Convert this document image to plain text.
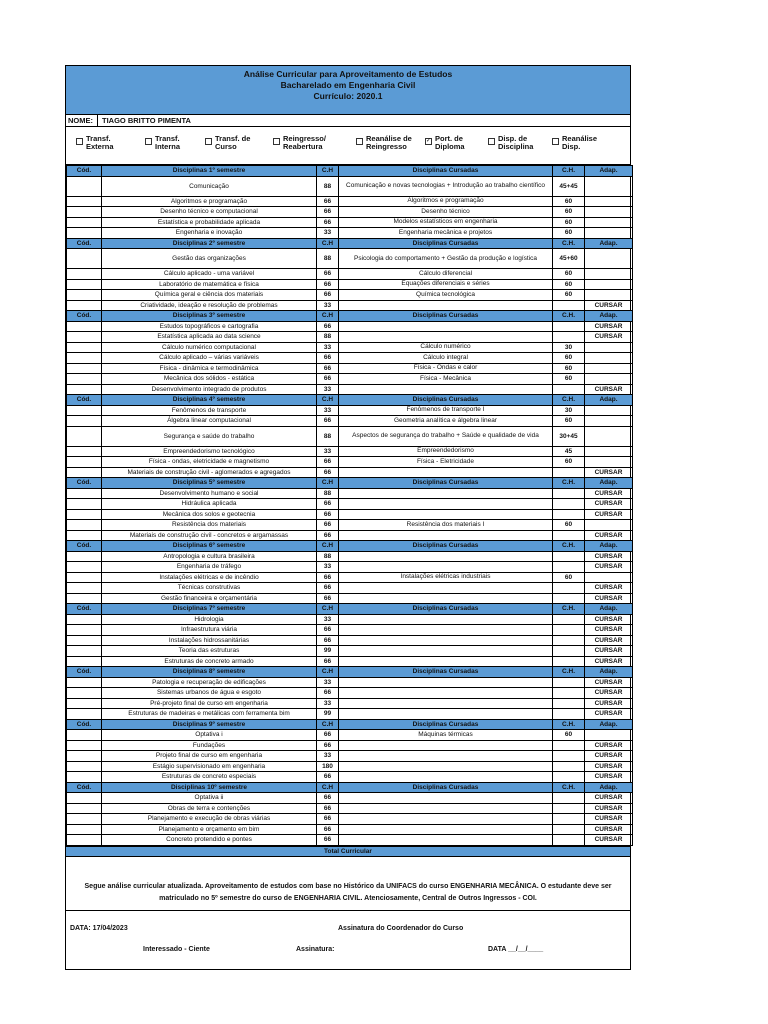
Análise Curricular para Aproveitamento de Estudos
Bacharelado em Engenharia Civil
Currículo: 2020.1
NOME:	TIAGO BRITTO PIMENTA
Transf.
Externa
Transf.
Interna
Transf. de
Curso
Reingresso/
Reabertura
Reanálise de
Reingresso
✓ Port. de
Diploma
Disp. de
Disciplina
Reanálise
Disp.
Cód.	Disciplinas 1º semestre	C.H	Disciplinas Cursadas	C.H.	Adap.
	Comunicação	88	Comunicação e novas tecnologias + Introdução ao trabalho científico	45+45	
	Algoritmos e programação	66	Algoritmos e programação	60	
	Desenho técnico e computacional	66	Desenho técnico	60	
	Estatística e probabilidade aplicada	66	Modelos estatísticos em engenharia	60	
	Engenharia e inovação	33	Engenharia mecânica e projetos	60	
Cód.	Disciplinas 2º semestre	C.H	Disciplinas Cursadas	C.H.	Adap.
	Gestão das organizações	88	Psicologia do comportamento + Gestão da produção e logística	45+60	
	Cálculo aplicado - uma variável	66	Cálculo diferencial	60	
	Laboratório de matemática e física	66	Equações diferenciais e séries	60	
	Química geral e ciência dos materiais	66	Química tecnológica	60	
	Criatividade, ideação e resolução de problemas	33			CURSAR
Cód.	Disciplinas 3º semestre	C.H	Disciplinas Cursadas	C.H.	Adap.
	Estudos topográficos e cartografia	66			CURSAR
	Estatística aplicada ao data science	88			CURSAR
	Cálculo numérico computacional	33	Cálculo numérico	30	
	Cálculo aplicado – várias variáveis	66	Cálculo integral	60	
	Física - dinâmica e termodinâmica	66	Física - Ondas e calor	60	
	Mecânica dos sólidos - estática	66	Física - Mecânica	60	
	Desenvolvimento integrado de produtos	33			CURSAR
Cód.	Disciplinas 4º semestre	C.H	Disciplinas Cursadas	C.H.	Adap.
	Fenômenos de transporte	33	Fenômenos de transporte I	30	
	Álgebra linear computacional	66	Geometria analítica e álgebra linear	60	
	Segurança e saúde do trabalho	88	Aspectos de segurança do trabalho + Saúde e qualidade de vida	30+45	
	Empreendedorismo tecnológico	33	Empreendedorismo	45	
	Física - ondas, eletricidade e magnetismo	66	Física - Eletricidade	60	
	Materiais de construção civil - aglomerados e agregados	66			CURSAR
Cód.	Disciplinas 5º semestre	C.H	Disciplinas Cursadas	C.H.	Adap.
	Desenvolvimento humano e social	88			CURSAR
	Hidráulica aplicada	66			CURSAR
	Mecânica dos solos e geotecnia	66			CURSAR
	Resistência dos materiais	66	Resistência dos materiais I	60	
	Materiais de construção civil - concretos e argamassas	66			CURSAR
Cód.	Disciplinas 6º semestre	C.H	Disciplinas Cursadas	C.H.	Adap.
	Antropologia e cultura brasileira	88			CURSAR
	Engenharia de tráfego	33			CURSAR
	Instalações elétricas e de incêndio	66	Instalações elétricas industriais	60	
	Técnicas construtivas	66			CURSAR
	Gestão financeira e orçamentária	66			CURSAR
Cód.	Disciplinas 7º semestre	C.H	Disciplinas Cursadas	C.H.	Adap.
	Hidrologia	33			CURSAR
	Infraestrutura viária	66			CURSAR
	Instalações hidrossanitárias	66			CURSAR
	Teoria das estruturas	99			CURSAR
	Estruturas de concreto armado	66			CURSAR
Cód.	Disciplinas 8º semestre	C.H	Disciplinas Cursadas	C.H.	Adap.
	Patologia e recuperação de edificações	33			CURSAR
	Sistemas urbanos de água e esgoto	66			CURSAR
	Pré-projeto final de curso em engenharia	33			CURSAR
	Estruturas de madeiras e metálicas com ferramenta bim	99			CURSAR
Cód.	Disciplinas 9º semestre	C.H	Disciplinas Cursadas	C.H.	Adap.
	Optativa i	66	Máquinas térmicas	60	
	Fundações	66			CURSAR
	Projeto final de curso em engenharia	33			CURSAR
	Estágio supervisionado em engenharia	180			CURSAR
	Estruturas de concreto especiais	66			CURSAR
Cód.	Disciplinas 10º semestre	C.H	Disciplinas Cursadas	C.H.	Adap.
	Optativa ii	66			CURSAR
	Obras de terra e contenções	66			CURSAR
	Planejamento e execução de obras viárias	66			CURSAR
	Planejamento e orçamento em bim	66			CURSAR
	Concreto protendido e pontes	66			CURSAR
Total Curricular
Segue análise curricular atualizada. Aproveitamento de estudos com base no Histórico da UNIFACS do curso ENGENHARIA MECÂNICA. O estudante deve ser
matriculado no 5º semestre do curso de ENGENHARIA CIVIL. Atenciosamente, Central de Outros Ingressos - COI.
DATA: 17/04/2023	Assinatura do Coordenador do Curso
Interessado - Ciente	Assinatura:	DATA __/__/____
